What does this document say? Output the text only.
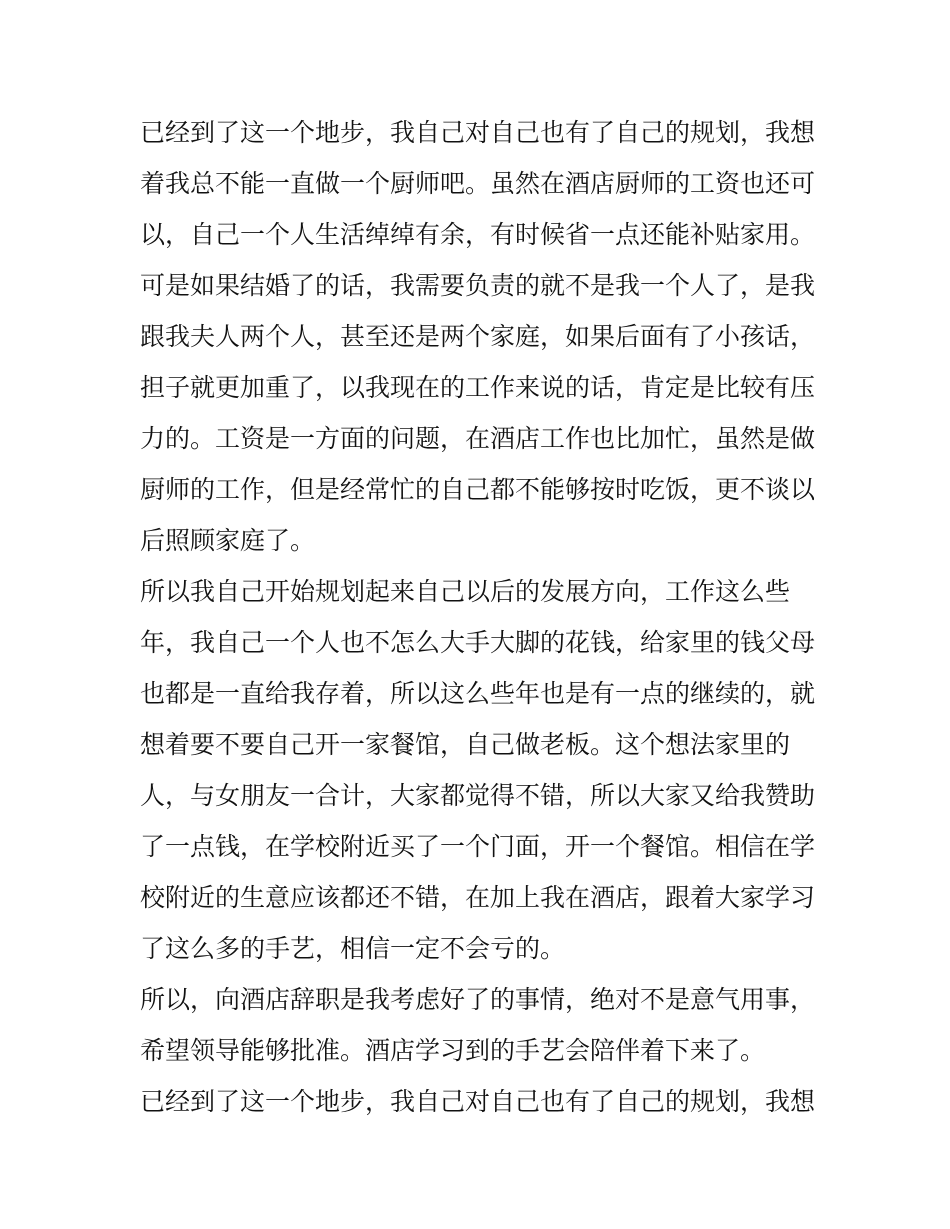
已经到了这一个地步，我自己对自己也有了自己的规划，我想
着我总不能一直做一个厨师吧。虽然在酒店厨师的工资也还可
以，自己一个人生活绰绰有余，有时候省一点还能补贴家用。
可是如果结婚了的话，我需要负责的就不是我一个人了，是我
跟我夫人两个人，甚至还是两个家庭，如果后面有了小孩话，
担子就更加重了，以我现在的工作来说的话，肯定是比较有压
力的。工资是一方面的问题，在酒店工作也比加忙，虽然是做
厨师的工作，但是经常忙的自己都不能够按时吃饭，更不谈以
后照顾家庭了。
所以我自己开始规划起来自己以后的发展方向，工作这么些
年，我自己一个人也不怎么大手大脚的花钱，给家里的钱父母
也都是一直给我存着，所以这么些年也是有一点的继续的，就
想着要不要自己开一家餐馆，自己做老板。这个想法家里的
人，与女朋友一合计，大家都觉得不错，所以大家又给我赞助
了一点钱，在学校附近买了一个门面，开一个餐馆。相信在学
校附近的生意应该都还不错，在加上我在酒店，跟着大家学习
了这么多的手艺，相信一定不会亏的。
所以，向酒店辞职是我考虑好了的事情，绝对不是意气用事，
希望领导能够批准。酒店学习到的手艺会陪伴着下来了。
已经到了这一个地步，我自己对自己也有了自己的规划，我想
